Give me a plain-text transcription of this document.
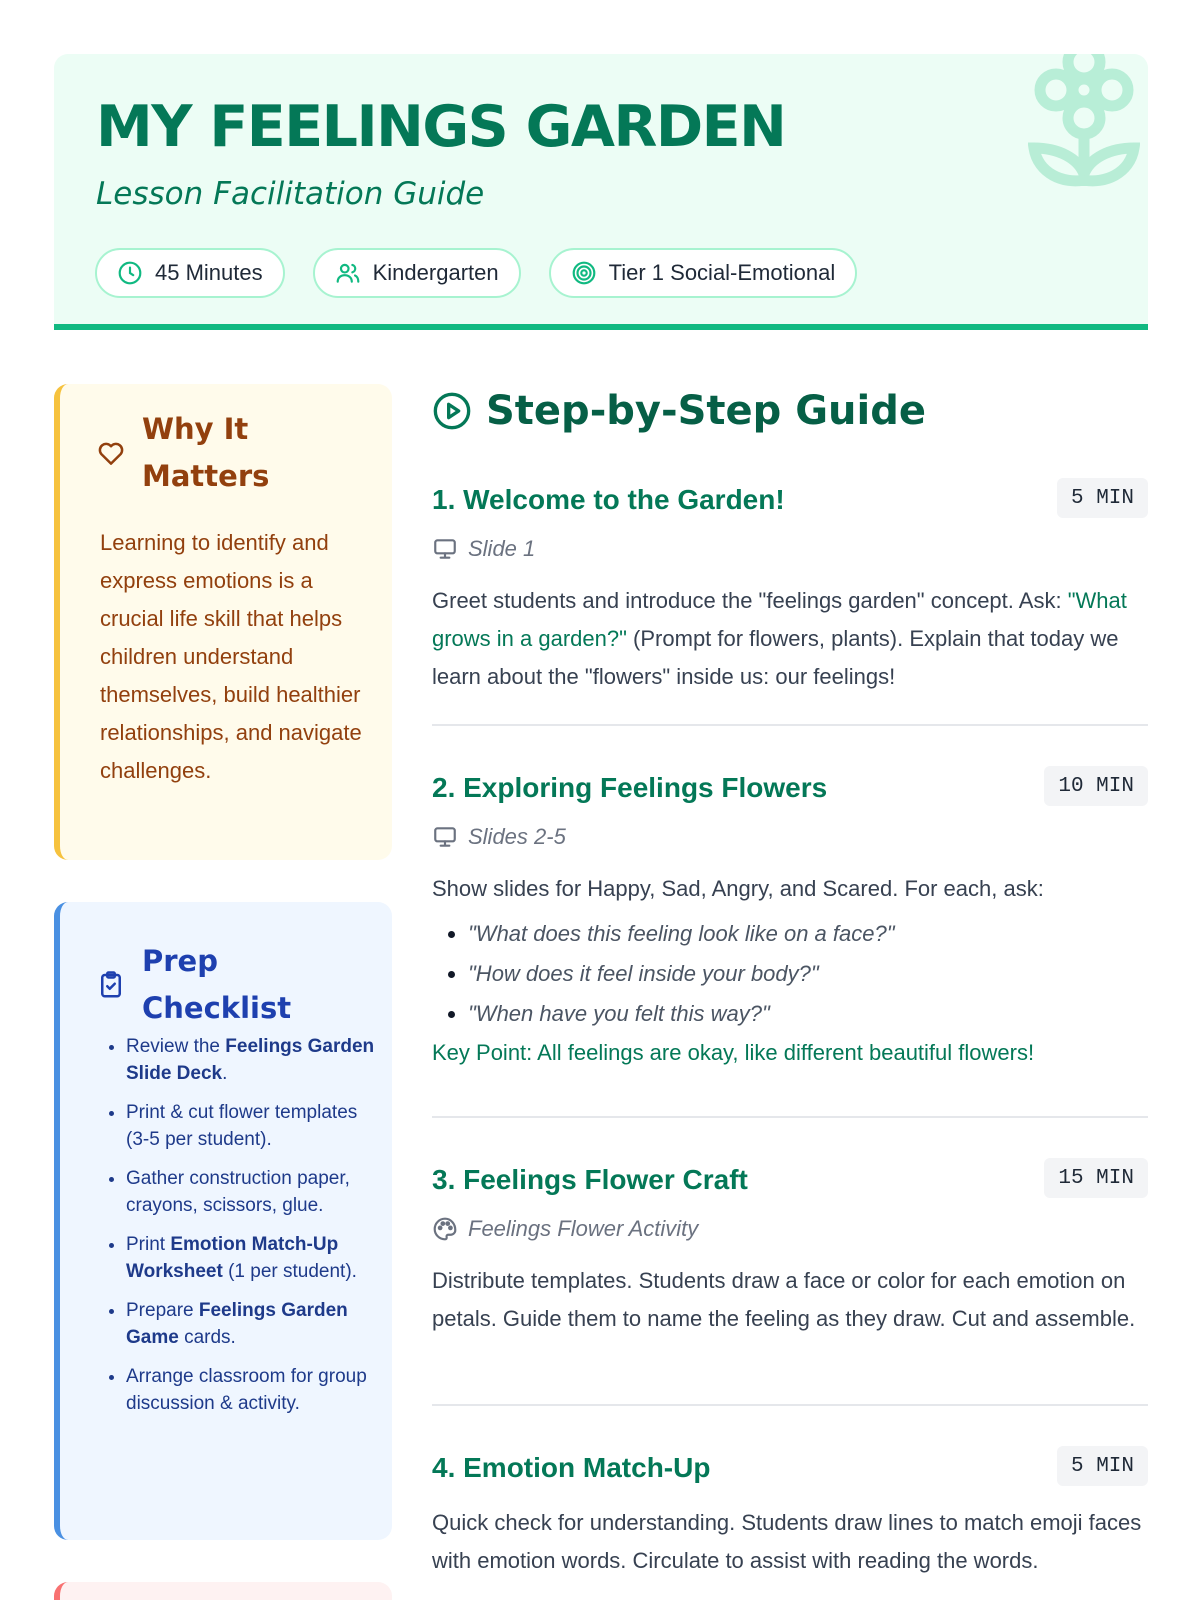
MY FEELINGS GARDEN
Lesson Facilitation Guide
45 Minutes	Kindergarten	Tier 1 Social-Emotional
Why It
Matters

Learning to identify and express emotions is a crucial life skill that helps children understand themselves, build healthier relationships, and navigate challenges.

Prep
Checklist
• Review the Feelings Garden Slide Deck.
• Print & cut flower templates (3-5 per student).
• Gather construction paper, crayons, scissors, glue.
• Print Emotion Match-Up Worksheet (1 per student).
• Prepare Feelings Garden Game cards.
• Arrange classroom for group discussion & activity.
Step-by-Step Guide
1. Welcome to the Garden!	5 MIN
Slide 1

Greet students and introduce the "feelings garden" concept. Ask: "What grows in a garden?" (Prompt for flowers, plants). Explain that today we learn about the "flowers" inside us: our feelings!

2. Exploring Feelings Flowers	10 MIN
Slides 2-5

Show slides for Happy, Sad, Angry, and Scared. For each, ask:

• "What does this feeling look like on a face?"
• "How does it feel inside your body?"
• "When have you felt this way?"
Key Point: All feelings are okay, like different beautiful flowers!
3. Feelings Flower Craft	15 MIN
Feelings Flower Activity

Distribute templates. Students draw a face or color for each emotion on petals. Guide them to name the feeling as they draw. Cut and assemble.

4. Emotion Match-Up	5 MIN

Quick check for understanding. Students draw lines to match emoji faces with emotion words. Circulate to assist with reading the words.
